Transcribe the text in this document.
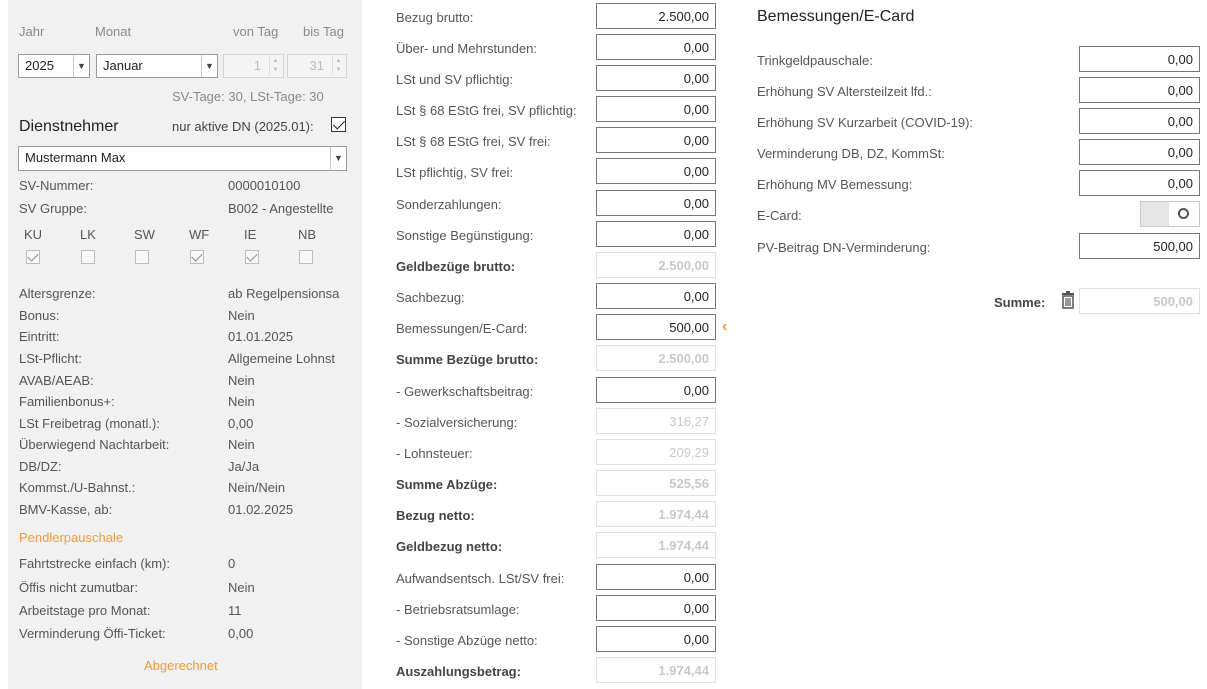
Jahr	Monat	von Tag bis Tag
2025	▼	Januar	▼	1	▲
▼	31	▲
▼
SV-Tage: 30, LSt-Tage: 30
Dienstnehmer	nur aktive DN (2025.01):
Mustermann Max	▼
SV-Nummer:	0000010100
SV Gruppe:	B002 - Angestellte
KU	LK	SW	WF	IE	NB
Altersgrenze:	ab Regelpensionsa
Bonus:	Nein
Eintritt:	01.01.2025
LSt-Pflicht:	Allgemeine Lohnst
AVAB/AEAB:	Nein
Familienbonus+:	Nein
LSt Freibetrag (monatl.):	0,00
Überwiegend Nachtarbeit:	Nein
DB/DZ:	Ja/Ja
Kommst./U-Bahnst.:	Nein/Nein
BMV-Kasse, ab:	01.02.2025
Pendlerpauschale
Fahrtstrecke einfach (km):	0
Öffis nicht zumutbar:	Nein
Arbeitstage pro Monat:	11
Verminderung Öffi-Ticket:	0,00
Abgerechnet
Bezug brutto:	2.500,00
Über- und Mehrstunden:	0,00
LSt und SV pflichtig:	0,00
LSt § 68 EStG frei, SV pflichtig:	0,00
LSt § 68 EStG frei, SV frei:	0,00
LSt pflichtig, SV frei:	0,00
Sonderzahlungen:	0,00
Sonstige Begünstigung:	0,00
Geldbezüge brutto:	2.500,00
Sachbezug:	0,00
Bemessungen/E-Card:	500,00 ‹
Summe Bezüge brutto:	2.500,00
- Gewerkschaftsbeitrag:	0,00
- Sozialversicherung:	316,27
- Lohnsteuer:	209,29
Summe Abzüge:	525,56
Bezug netto:	1.974,44
Geldbezug netto:	1.974,44
Aufwandsentsch. LSt/SV frei:	0,00
- Betriebsratsumlage:	0,00
- Sonstige Abzüge netto:	0,00
Auszahlungsbetrag:	1.974,44
Bemessungen/E-Card
Trinkgeldpauschale:	0,00
Erhöhung SV Altersteilzeit lfd.:	0,00
Erhöhung SV Kurzarbeit (COVID-19):	0,00
Verminderung DB, DZ, KommSt:	0,00
Erhöhung MV Bemessung:	0,00
E-Card:
PV-Beitrag DN-Verminderung:	500,00
Summe:	500,00
